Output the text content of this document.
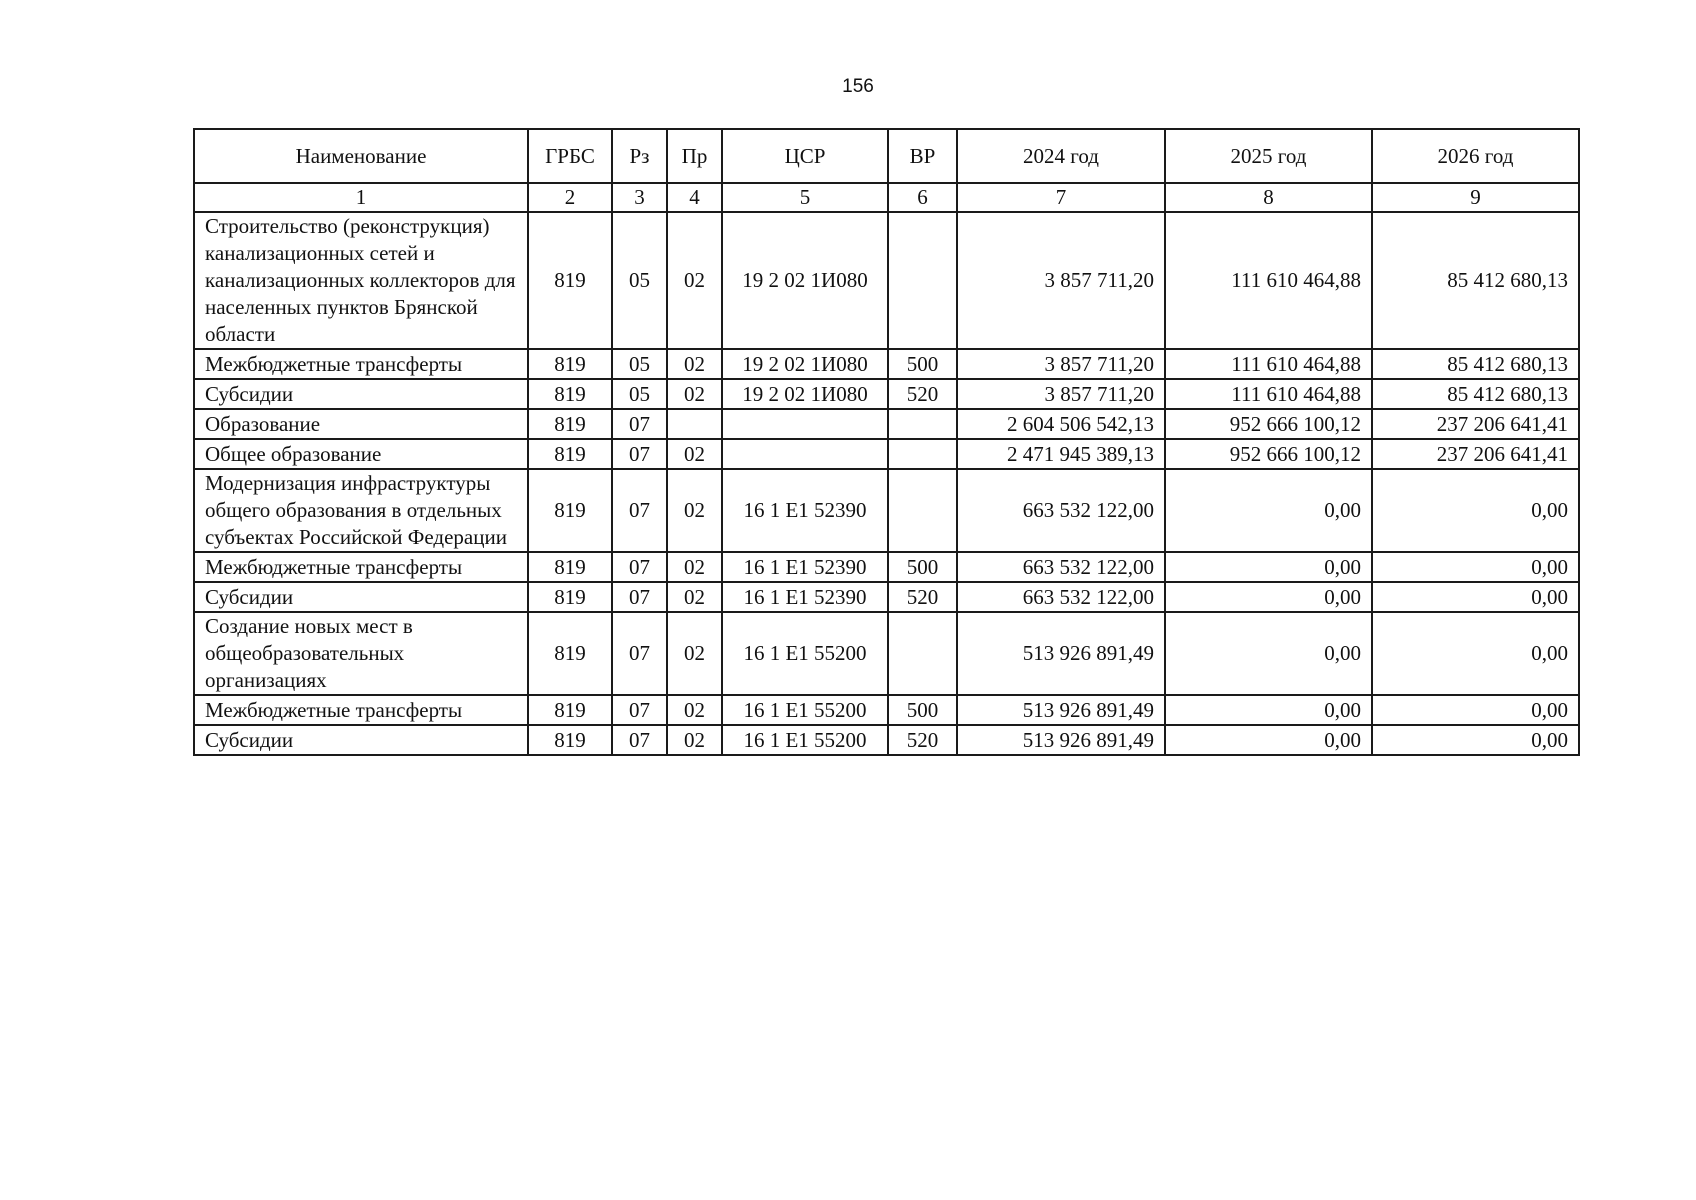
156
Наименование	ГРБС	Рз	Пр	ЦСР	ВР	2024 год	2025 год	2026 год
1	2	3	4	5	6	7	8	9
Строительство (реконструкция) канализационных сетей и канализационных коллекторов для населенных пунктов Брянской области	819	05	02	19 2 02 1И080		3 857 711,20	111 610 464,88	85 412 680,13
Межбюджетные трансферты	819	05	02	19 2 02 1И080	500	3 857 711,20	111 610 464,88	85 412 680,13
Субсидии	819	05	02	19 2 02 1И080	520	3 857 711,20	111 610 464,88	85 412 680,13
Образование	819	07				2 604 506 542,13	952 666 100,12	237 206 641,41
Общее образование	819	07	02			2 471 945 389,13	952 666 100,12	237 206 641,41
Модернизация инфраструктуры общего образования в отдельных субъектах Российской Федерации	819	07	02	16 1 E1 52390		663 532 122,00	0,00	0,00
Межбюджетные трансферты	819	07	02	16 1 E1 52390	500	663 532 122,00	0,00	0,00
Субсидии	819	07	02	16 1 E1 52390	520	663 532 122,00	0,00	0,00
Создание новых мест в общеобразовательных организациях	819	07	02	16 1 E1 55200		513 926 891,49	0,00	0,00
Межбюджетные трансферты	819	07	02	16 1 E1 55200	500	513 926 891,49	0,00	0,00
Субсидии	819	07	02	16 1 E1 55200	520	513 926 891,49	0,00	0,00
